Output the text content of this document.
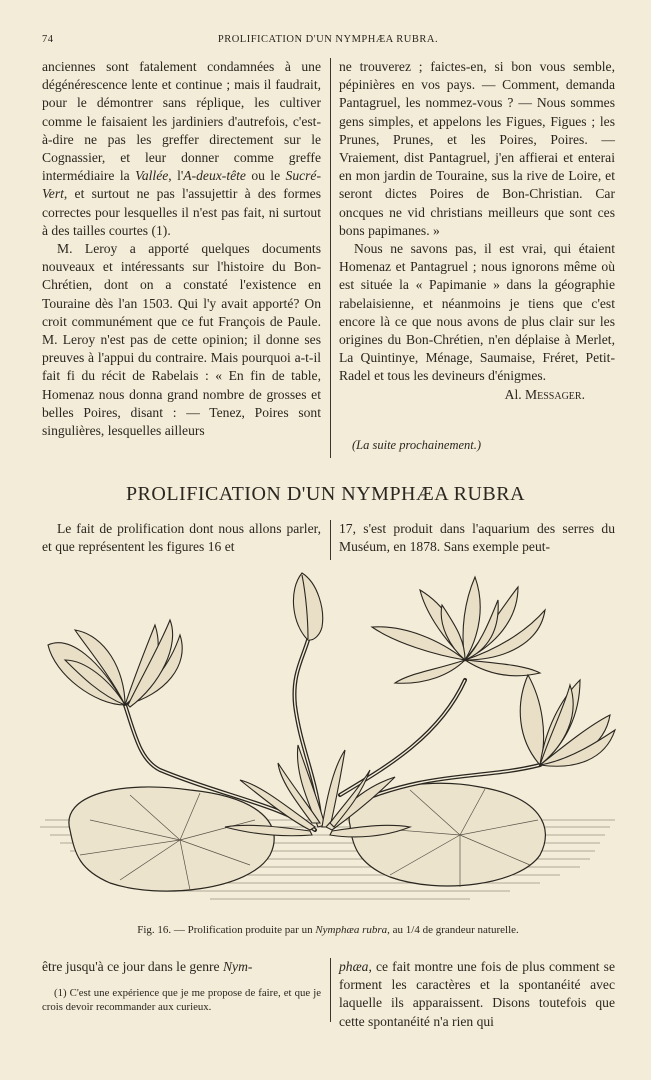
74	PROLIFICATION D'UN NYMPHÆA RUBRA.

anciennes sont fatalement condamnées à une dégénérescence lente et continue ; mais il faudrait, pour le démontrer sans réplique, les cultiver comme le faisaient les jardiniers d'autrefois, c'est-à-dire ne pas les greffer directement sur le Cognassier, et leur donner comme greffe intermédiaire la Vallée, l'A-deux-tête ou le Sucré-Vert, et surtout ne pas l'assujettir à des formes correctes pour lesquelles il n'est pas fait, ni surtout à des tailles courtes (1).

M. Leroy a apporté quelques documents nouveaux et intéressants sur l'histoire du Bon-Chrétien, dont on a constaté l'existence en Touraine dès l'an 1503. Qui l'y avait apporté? On croit communément que ce fut François de Paule. M. Leroy n'est pas de cette opinion; il donne ses preuves à l'appui du contraire. Mais pourquoi a-t-il fait fi du récit de Rabelais : « En fin de table, Homenaz nous donna grand nombre de grosses et belles Poires, disant : — Tenez, Poires sont singulières, lesquelles ailleurs

ne trouverez ; faictes-en, si bon vous semble, pépinières en vos pays. — Comment, demanda Pantagruel, les nommez-vous ? — Nous sommes gens simples, et appelons les Figues, Figues ; les Prunes, Prunes, et les Poires, Poires. — Vraiement, dist Pantagruel, j'en affierai et enterai en mon jardin de Touraine, sus la rive de Loire, et seront dictes Poires de Bon-Christian. Car oncques ne vid christians meilleurs que sont ces bons papimanes. »

Nous ne savons pas, il est vrai, qui étaient Homenaz et Pantagruel ; nous ignorons même où est située la « Papimanie » dans la géographie rabelaisienne, et néanmoins je tiens que c'est encore là ce que nous avons de plus clair sur les origines du Bon-Chrétien, n'en déplaise à Merlet, La Quintinye, Ménage, Saumaise, Fréret, Petit-Radel et tous les devineurs d'énigmes.

Al. Messager.

(La suite prochainement.)
PROLIFICATION D'UN NYMPHÆA RUBRA

Le fait de prolification dont nous allons parler, et que représentent les figures 16 et

17, s'est produit dans l'aquarium des serres du Muséum, en 1878. Sans exemple peut-

Fig. 16. — Prolification produite par un Nymphæa rubra, au 1/4 de grandeur naturelle.

être jusqu'à ce jour dans le genre Nym-

(1) C'est une expérience que je me propose de faire, et que je crois devoir recommander aux curieux.

phæa, ce fait montre une fois de plus comment se forment les caractères et la spontanéité avec laquelle ils apparaissent. Disons toutefois que cette spontanéité n'a rien qui
